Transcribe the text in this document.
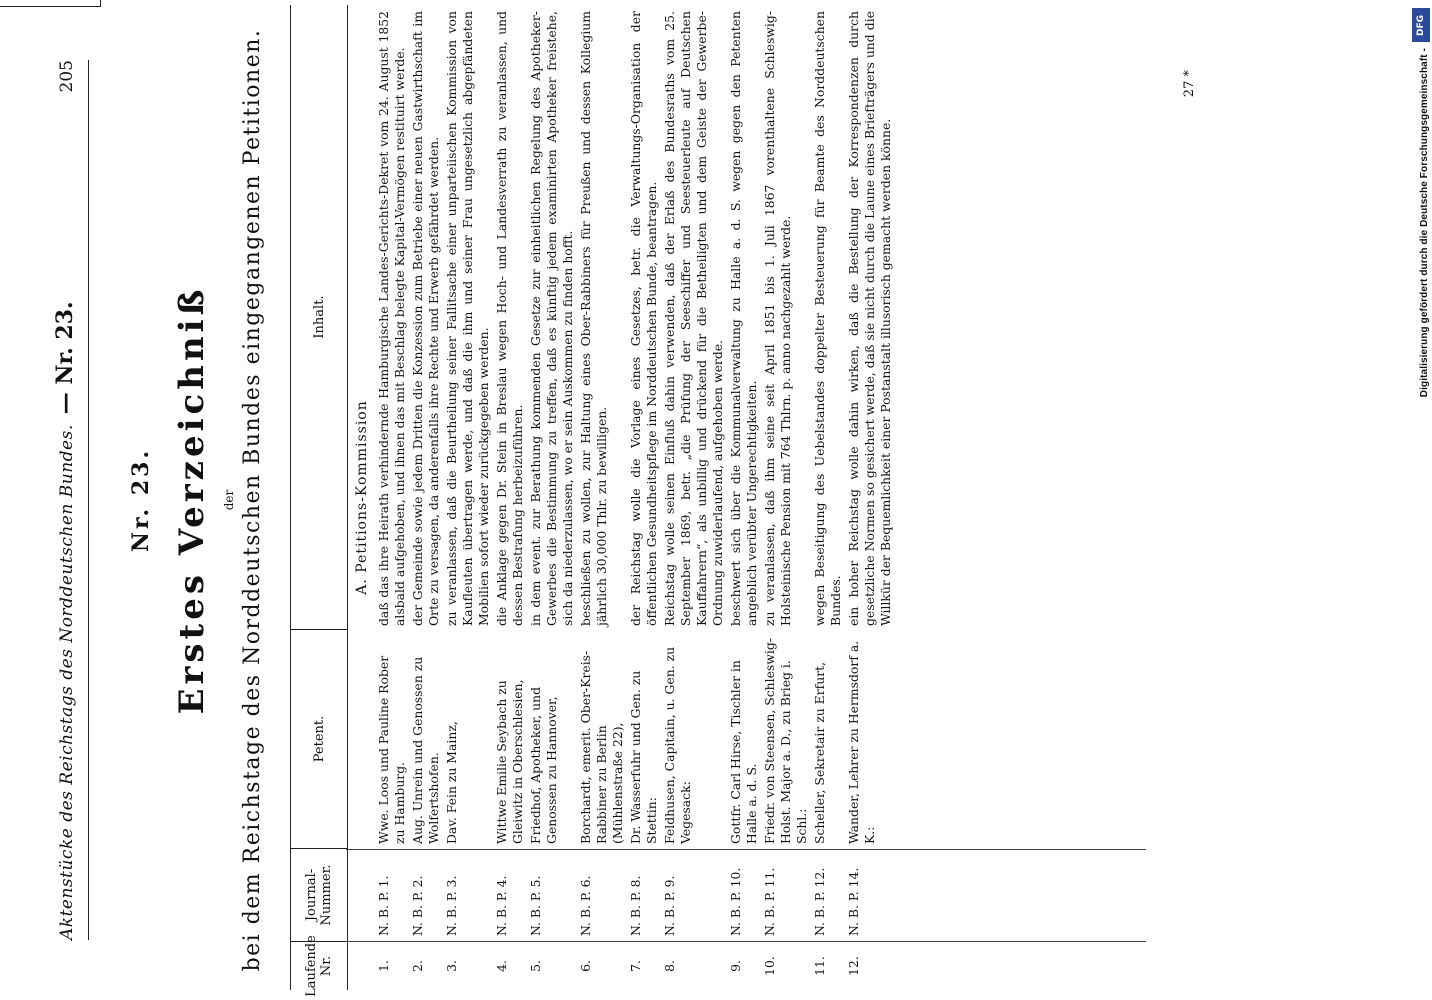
DFG
Digitalisierung gefördert durch die Deutsche Forschungsgemeinschaft -
Aktenstücke des Reichstags des Norddeutschen Bundes.
— Nr. 23.
205
Nr. 23. Erstes Verzeichniß der bei dem Reichstage des Norddeutschen Bundes eingegangenen Petitionen.	Laufende Nr.
Journal-Nummer.
Petent.
Inhalt.
A. Petitions-Kommission
1.
N. B. P. 1.
Wwe. Loos und Pauline Rober zu Hamburg.
daß das ihre Heirath verhindernde Hamburgische Landes-Gerichts-Dekret vom 24. August 1852 alsbald aufgehoben, und ihnen das mit Beschlag belegte Kapital-Vermögen restituirt werde.
2.
N. B. P. 2.
Aug. Unrein und Genossen zu Wolfertshofen.
der Gemeinde sowie jedem Dritten die Konzession zum Betriebe einer neuen Gastwirthschaft im Orte zu versagen, da anderenfalls ihre Rechte und Erwerb gefährdet werden.
3.
N. B. P. 3.
Dav. Fein zu Mainz,
zu veranlassen, daß die Beurtheilung seiner Fallitsache einer unparteiischen Kommission von Kaufleuten übertragen werde, und daß die ihm und seiner Frau ungesetzlich abgepfändeten Mobilien sofort wieder zurückgegeben werden.
4.
N. B. P. 4.
Wittwe Emilie Seybach zu Gleiwitz in Oberschlesien,
die Anklage gegen Dr. Stein in Breslau wegen Hoch- und Landesverrath zu veranlassen, und dessen Bestrafung herbeizuführen.
5.
N. B. P. 5.
Friedhof, Apotheker, und Genossen zu Hannover,
in dem event. zur Berathung kommenden Gesetze zur einheitlichen Regelung des Apotheker-Gewerbes die Bestimmung zu treffen, daß es künftig jedem examinirten Apotheker freistehe, sich da niederzulassen, wo er sein Auskommen zu finden hofft.
6.
N. B. P. 6.
Borchardt, emerit. Ober-Kreis-Rabbiner zu Berlin (Mühlenstraße 22),
beschließen zu wollen, zur Haltung eines Ober-Rabbiners für Preußen und dessen Kollegium jährlich 30,000 Thlr. zu bewilligen.
7.
N. B. P. 8.
Dr. Wasserfuhr und Gen. zu Stettin:
der Reichstag wolle die Vorlage eines Gesetzes, betr. die Verwaltungs-Organisation der öffentlichen Gesundheitspflege im Norddeutschen Bunde, beantragen.
8.
N. B. P. 9.
Feldhusen, Capitain, u. Gen. zu Vegesack:
Reichstag wolle seinen Einfluß dahin verwenden, daß der Erlaß des Bundesraths vom 25. September 1869, betr. „die Prüfung der Seeschiffer und Seesteuerleute auf Deutschen Kauffahrern“, als unbillig und drückend für die Betheiligten und dem Geiste der Gewerbe-Ordnung zuwiderlaufend, aufgehoben werde.
9.
N. B. P. 10.
Gottfr. Carl Hirse, Tischler in Halle a. d. S.
beschwert sich über die Kommunalverwaltung zu Halle a. d. S. wegen gegen den Petenten angeblich verübter Ungerechtigkeiten.
10.
N. B. P. 11.
Friedr. von Steensen, Schleswig-Holst. Major a. D., zu Brieg i. Schl.:
zu veranlassen, daß ihm seine seit April 1851 bis 1. Juli 1867 vorenthaltene Schleswig-Holsteinische Pension mit 764 Thlrn. p. anno nachgezahlt werde.
11.
N. B. P. 12.
Scheller, Sekretair zu Erfurt,
wegen Beseitigung des Uebelstandes doppelter Besteuerung für Beamte des Norddeutschen Bundes.
12.
N. B. P. 14.
Wander, Lehrer zu Hermsdorf a. K.:
ein hoher Reichstag wolle dahin wirken, daß die Bestellung der Korrespondenzen durch gesetzliche Normen so gesichert werde, daß sie nicht durch die Laune eines Briefträgers und die Willkür der Bequemlichkeit einer Postanstalt illusorisch gemacht werden könne.
27 *
